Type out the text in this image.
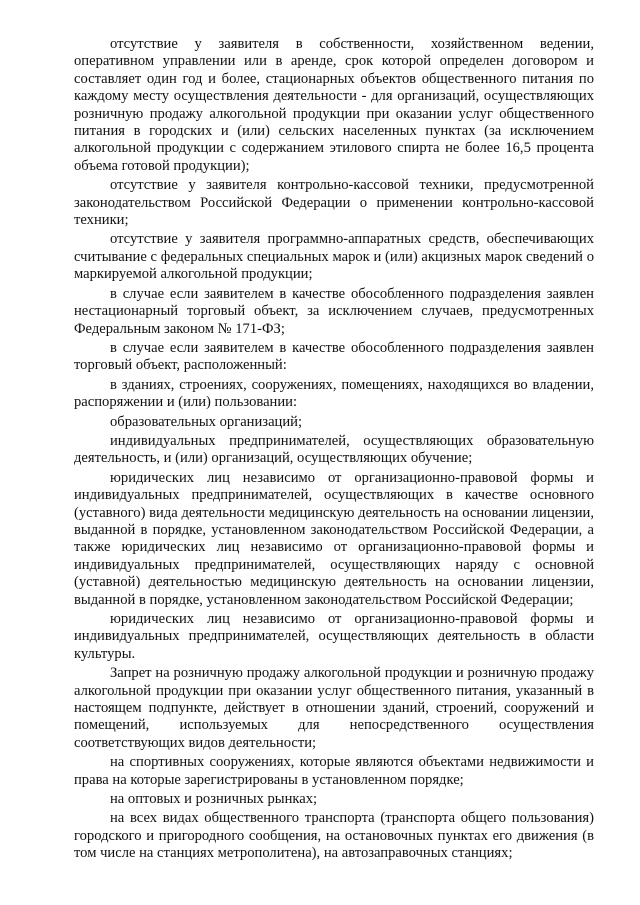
отсутствие у заявителя в собственности, хозяйственном ведении, оперативном управлении или в аренде, срок которой определен договором и составляет один год и более, стационарных объектов общественного питания по каждому месту осуществления деятельности - для организаций, осуществляющих розничную продажу алкогольной продукции при оказании услуг общественного питания в городских и (или) сельских населенных пунктах (за исключением алкогольной продукции с содержанием этилового спирта не более 16,5 процента объема готовой продукции);

отсутствие у заявителя контрольно-кассовой техники, предусмотренной законодательством Российской Федерации о применении контрольно-кассовой техники;

отсутствие у заявителя программно-аппаратных средств, обеспечивающих считывание с федеральных специальных марок и (или) акцизных марок сведений о маркируемой алкогольной продукции;

в случае если заявителем в качестве обособленного подразделения заявлен нестационарный торговый объект, за исключением случаев, предусмотренных Федеральным законом № 171-ФЗ;

в случае если заявителем в качестве обособленного подразделения заявлен торговый объект, расположенный:

в зданиях, строениях, сооружениях, помещениях, находящихся во владении, распоряжении и (или) пользовании:

образовательных организаций;

индивидуальных предпринимателей, осуществляющих образовательную деятельность, и (или) организаций, осуществляющих обучение;

юридических лиц независимо от организационно-правовой формы и индивидуальных предпринимателей, осуществляющих в качестве основного (уставного) вида деятельности медицинскую деятельность на основании лицензии, выданной в порядке, установленном законодательством Российской Федерации, а также юридических лиц независимо от организационно-правовой формы и индивидуальных предпринимателей, осуществляющих наряду с основной (уставной) деятельностью медицинскую деятельность на основании лицензии, выданной в порядке, установленном законодательством Российской Федерации;

юридических лиц независимо от организационно-правовой формы и индивидуальных предпринимателей, осуществляющих деятельность в области культуры.

Запрет на розничную продажу алкогольной продукции и розничную продажу алкогольной продукции при оказании услуг общественного питания, указанный в настоящем подпункте, действует в отношении зданий, строений, сооружений и помещений, используемых для непосредственного осуществления соответствующих видов деятельности;

на спортивных сооружениях, которые являются объектами недвижимости и права на которые зарегистрированы в установленном порядке;

на оптовых и розничных рынках;

на всех видах общественного транспорта (транспорта общего пользования) городского и пригородного сообщения, на остановочных пунктах его движения (в том числе на станциях метрополитена), на автозаправочных станциях;
